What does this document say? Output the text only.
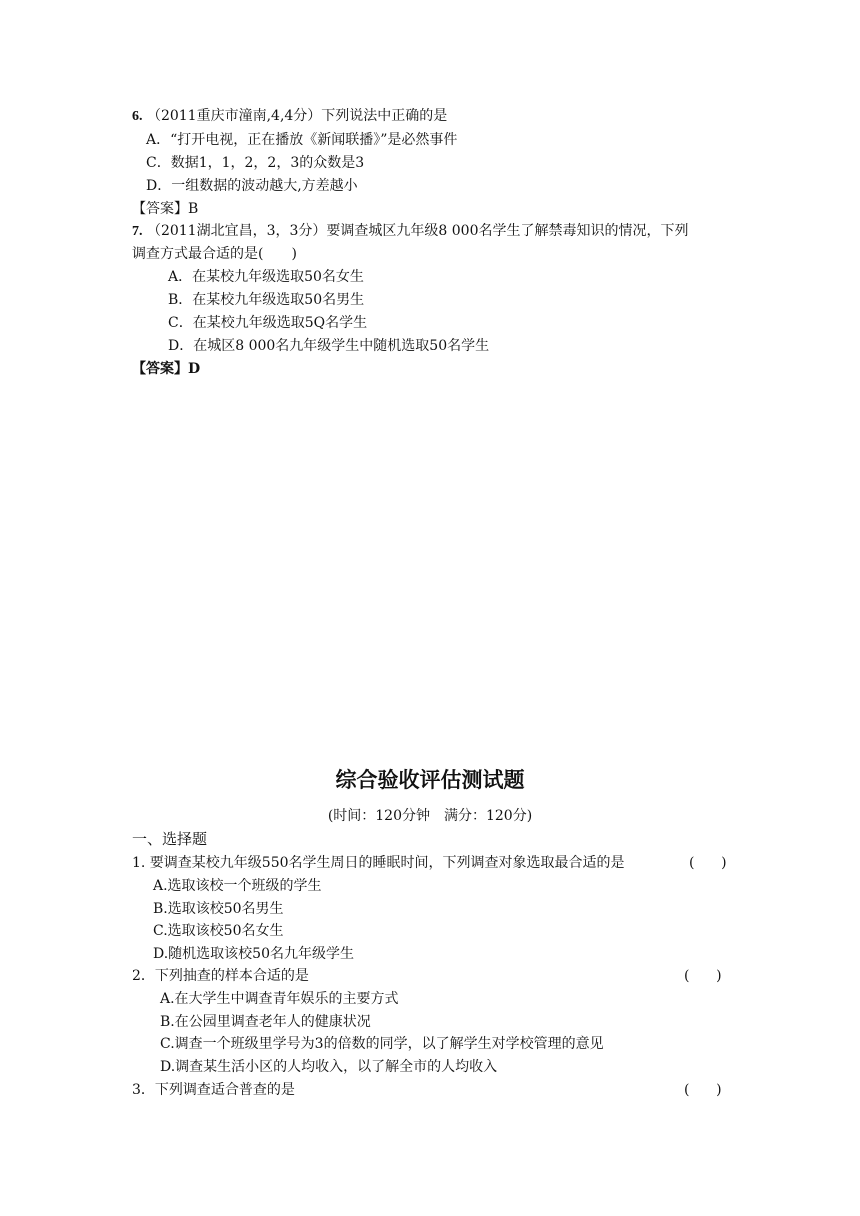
6. （2011重庆市潼南,4,4分）下列说法中正确的是
A．“打开电视，正在播放《新闻联播》”是必然事件
C．数据1，1，2，2，3的众数是3
D．一组数据的波动越大,方差越小
【答案】B
7. （2011湖北宜昌，3，3分）要调查城区九年级8 000名学生了解禁毒知识的情况，下列
调查方式最合适的是(　　)
A．在某校九年级选取50名女生
B．在某校九年级选取50名男生
C．在某校九年级选取5Q名学生
D．在城区8 000名九年级学生中随机选取50名学生
【答案】D
综合验收评估测试题
(时间：120分钟　满分：120分)
一、选择题
1. 要调查某校九年级550名学生周日的睡眠时间，下列调查对象选取最合适的是	(      )
A.选取该校一个班级的学生
B.选取该校50名男生
C.选取该校50名女生
D.随机选取该校50名九年级学生
2．下列抽查的样本合适的是	(      )
A.在大学生中调查青年娱乐的主要方式
B.在公园里调查老年人的健康状况
C.调查一个班级里学号为3的倍数的同学，以了解学生对学校管理的意见
D.调查某生活小区的人均收入，以了解全市的人均收入
3．下列调查适合普查的是	(      )
